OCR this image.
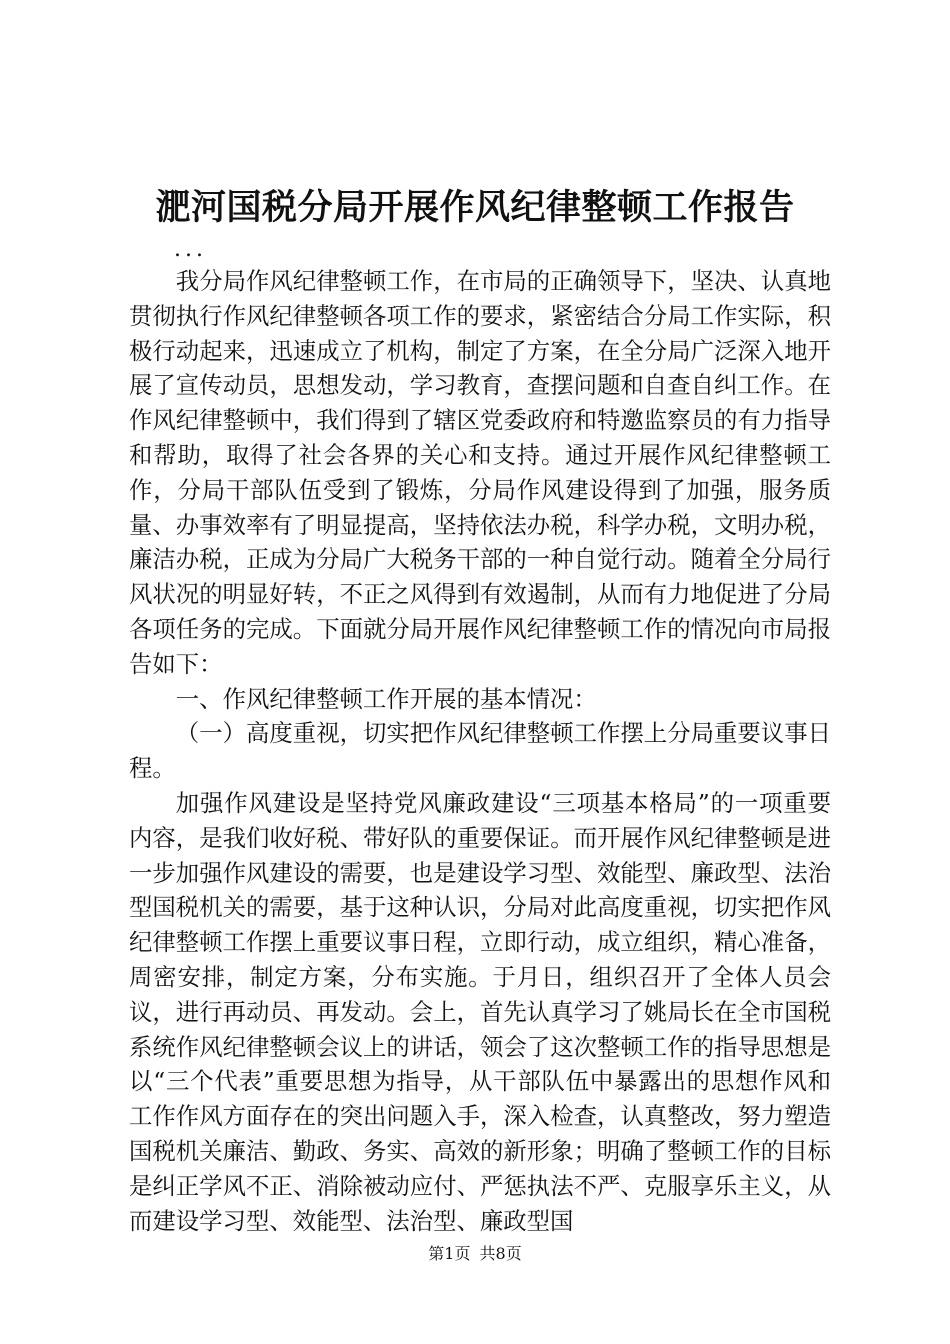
淝河国税分局开展作风纪律整顿工作报告
...

我分局作风纪律整顿工作，在市局的正确领导下，坚决、认真地贯彻执行作风纪律整顿各项工作的要求，紧密结合分局工作实际，积极行动起来，迅速成立了机构，制定了方案，在全分局广泛深入地开展了宣传动员，思想发动，学习教育，查摆问题和自查自纠工作。在作风纪律整顿中，我们得到了辖区党委政府和特邀监察员的有力指导和帮助，取得了社会各界的关心和支持。通过开展作风纪律整顿工作，分局干部队伍受到了锻炼，分局作风建设得到了加强，服务质量、办事效率有了明显提高，坚持依法办税，科学办税，文明办税，廉洁办税，正成为分局广大税务干部的一种自觉行动。随着全分局行风状况的明显好转，不正之风得到有效遏制，从而有力地促进了分局各项任务的完成。下面就分局开展作风纪律整顿工作的情况向市局报告如下：

一、作风纪律整顿工作开展的基本情况：

（一）高度重视，切实把作风纪律整顿工作摆上分局重要议事日程。

加强作风建设是坚持党风廉政建设“三项基本格局”的一项重要内容，是我们收好税、带好队的重要保证。而开展作风纪律整顿是进一步加强作风建设的需要，也是建设学习型、效能型、廉政型、法治型国税机关的需要，基于这种认识，分局对此高度重视，切实把作风纪律整顿工作摆上重要议事日程，立即行动，成立组织，精心准备，周密安排，制定方案，分布实施。于月日，组织召开了全体人员会议，进行再动员、再发动。会上，首先认真学习了姚局长在全市国税系统作风纪律整顿会议上的讲话，领会了这次整顿工作的指导思想是以“三个代表”重要思想为指导，从干部队伍中暴露出的思想作风和工作作风方面存在的突出问题入手，深入检查，认真整改，努力塑造国税机关廉洁、勤政、务实、高效的新形象；明确了整顿工作的目标是纠正学风不正、消除被动应付、严惩执法不严、克服享乐主义，从而建设学习型、效能型、法治型、廉政型国

第1页 共8页
